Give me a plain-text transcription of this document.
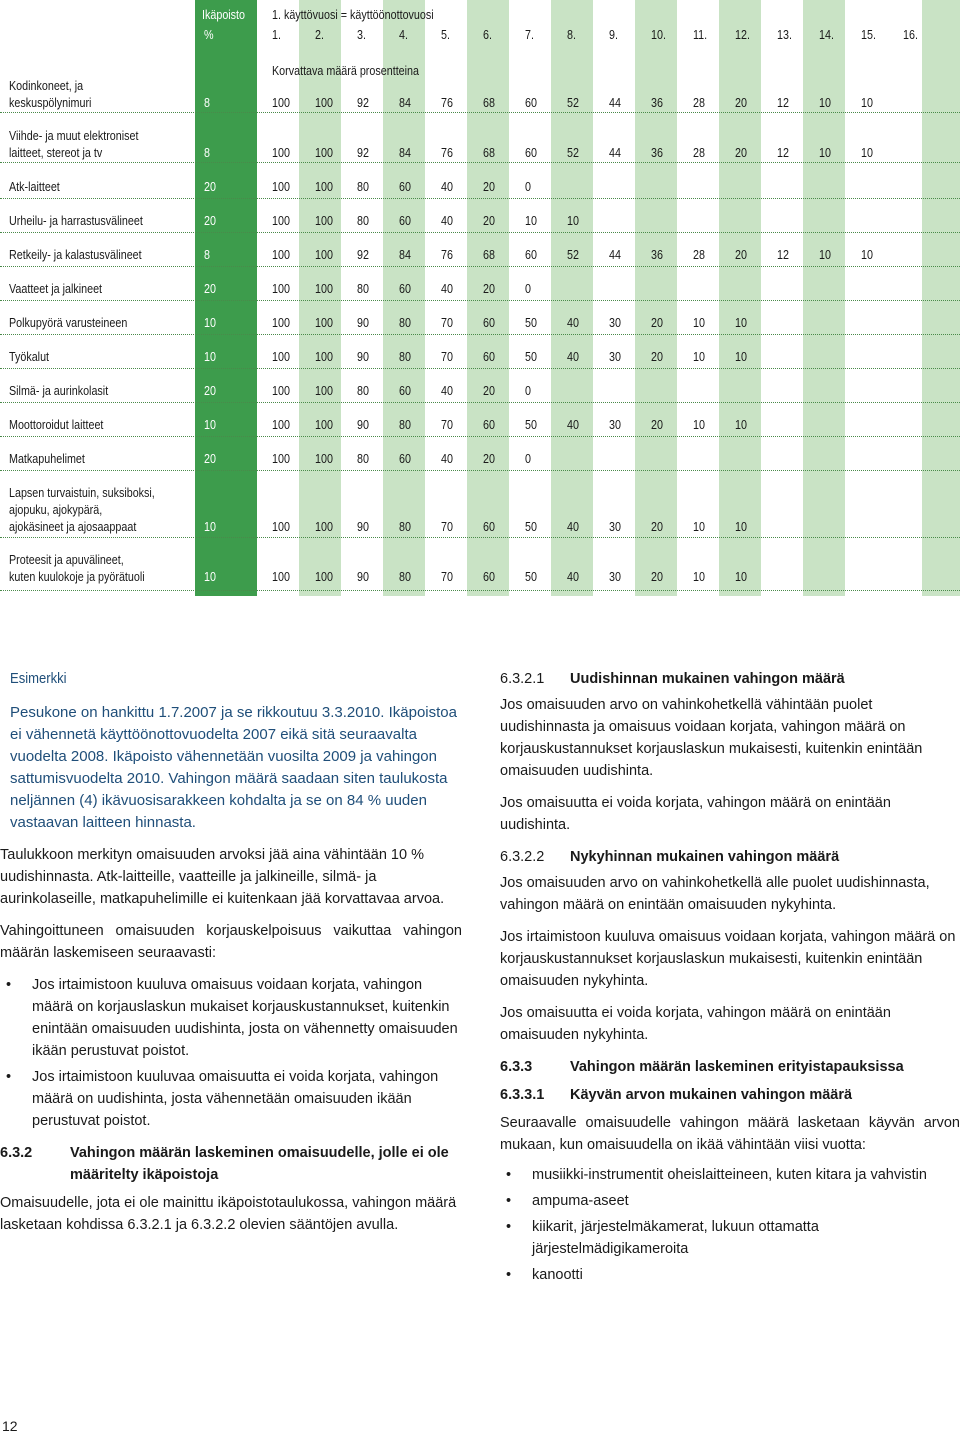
Ikäpoisto
%
1. käyttövuosi = käyttöönottovuosi
1.	2.	3.	4.	5.	6.	7.	8.	9.	10. 11. 12. 13. 14. 15. 16.
Korvattava määrä prosentteina
Kodinkoneet, ja
keskuspölynimuri	8	100 100 92 84 76 68 60 52 44 36 28 20 12 10 10
Viihde- ja muut elektroniset
laitteet, stereot ja tv	8	100 100 92 84 76 68 60 52 44 36 28 20 12 10 10
Atk-laitteet	20	100 100 80 60 40 20 0
Urheilu- ja harrastusvälineet	20	100 100 80 60 40 20 10 10
Retkeily- ja kalastusvälineet	8	100 100 92 84 76 68 60 52 44 36 28 20 12 10 10
Vaatteet ja jalkineet	20	100 100 80 60 40 20 0
Polkupyörä varusteineen	10	100 100 90 80 70 60 50 40 30 20 10 10
Työkalut	10	100 100 90 80 70 60 50 40 30 20 10 10
Silmä- ja aurinkolasit	20	100 100 80 60 40 20 0
Moottoroidut laitteet	10	100 100 90 80 70 60 50 40 30 20 10 10
Matkapuhelimet	20	100 100 80 60 40 20 0
Lapsen turvaistuin, suksiboksi,
ajopuku, ajokypärä,
ajokäsineet ja ajosaappaat	10	100 100 90 80 70 60 50 40 30 20 10 10
Proteesit ja apuvälineet,
kuten kuulokoje ja pyörätuoli	10	100 100 90 80 70 60 50 40 30 20 10 10
Esimerkki

Pesukone on hankittu 1.7.2007 ja se rikkoutuu 3.3.2010. Ikäpoistoa ei vähennetä käyttöönottovuodelta 2007 eikä sitä seuraavalta vuodelta 2008. Ikäpoisto vähennetään vuosilta 2009 ja vahingon sattumisvuodelta 2010. Vahingon määrä saadaan siten taulukosta neljännen (4) ikävuosisarakkeen kohdalta ja se on 84 % uuden vastaavan laitteen hinnasta.

Taulukkoon merkityn omaisuuden arvoksi jää aina vähintään 10 % uudishinnasta. Atk-laitteille, vaatteille ja jalkineille, silmä- ja aurinkolaseille, matkapuhelimille ei kuitenkaan jää korvattavaa arvoa.

Vahingoittuneen omaisuuden korjauskelpoisuus vaikuttaa vahingon määrän laskemiseen seuraavasti:

• Jos irtaimistoon kuuluva omaisuus voidaan korjata, vahingon määrä on korjauslaskun mukaiset korjauskustannukset, kuitenkin enintään omaisuuden uudishinta, josta on vähennetty omaisuuden ikään perustuvat poistot.
• Jos irtaimistoon kuuluvaa omaisuutta ei voida korjata, vahingon määrä on uudishinta, josta vähennetään omaisuuden ikään perustuvat poistot.
6.3.2	Vahingon määrän laskeminen omaisuudelle, jolle ei ole määritelty ikäpoistoja

Omaisuudelle, jota ei ole mainittu ikäpoistotaulukossa, vahingon määrä lasketaan kohdissa 6.3.2.1 ja 6.3.2.2 olevien sääntöjen avulla.

6.3.2.1	Uudishinnan mukainen vahingon määrä

Jos omaisuuden arvo on vahinkohetkellä vähintään puolet uudishinnasta ja omaisuus voidaan korjata, vahingon määrä on korjauskustannukset korjauslaskun mukaisesti, kuitenkin enintään omaisuuden uudishinta.

Jos omaisuutta ei voida korjata, vahingon määrä on enintään uudishinta.

6.3.2.2	Nykyhinnan mukainen vahingon määrä

Jos omaisuuden arvo on vahinkohetkellä alle puolet uudishinnasta, vahingon määrä on enintään omaisuuden nykyhinta.

Jos irtaimistoon kuuluva omaisuus voidaan korjata, vahingon määrä on korjauskustannukset korjauslaskun mukaisesti, kuitenkin enintään omaisuuden nykyhinta.

Jos omaisuutta ei voida korjata, vahingon määrä on enintään omaisuuden nykyhinta.

6.3.3	Vahingon määrän laskeminen erityistapauksissa
6.3.3.1	Käyvän arvon mukainen vahingon määrä

Seuraavalle omaisuudelle vahingon määrä lasketaan käyvän arvon mukaan, kun omaisuudella on ikää vähintään viisi vuotta:

• musiikki-instrumentit oheislaitteineen, kuten kitara ja vahvistin
• ampuma-aseet
• kiikarit, järjestelmäkamerat, lukuun ottamatta järjestelmädigikameroita
• kanootti
12
